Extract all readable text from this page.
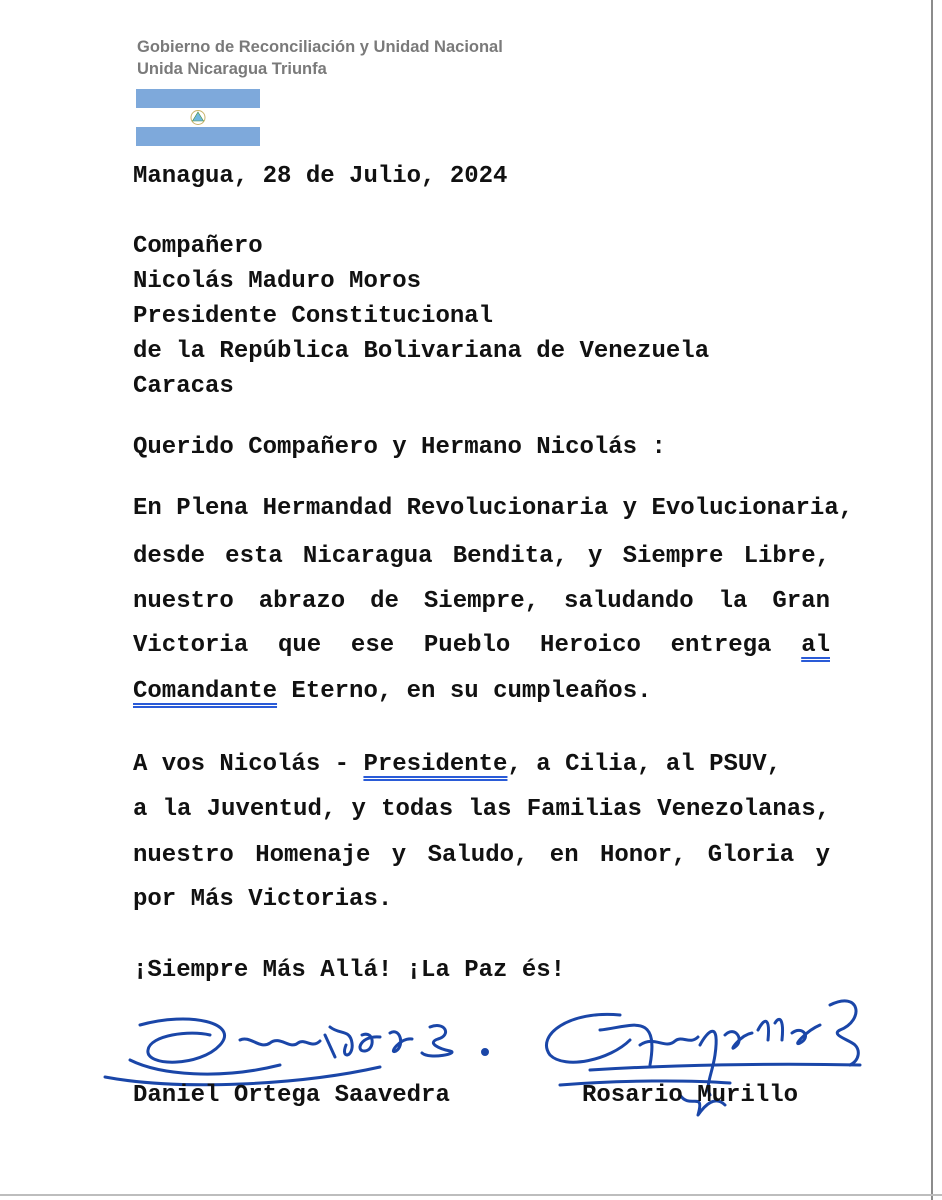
Gobierno de Reconciliación y Unidad Nacional
Unida Nicaragua Triunfa
Managua, 28 de Julio, 2024
Compañero
Nicolás Maduro Moros
Presidente Constitucional
de la República Bolivariana de Venezuela
Caracas
Querido Compañero y Hermano Nicolás :
En Plena Hermandad Revolucionaria y Evolucionaria,
desde esta Nicaragua Bendita, y Siempre Libre,
nuestro abrazo de Siempre, saludando la Gran
Victoria que ese Pueblo Heroico entrega al
Comandante Eterno, en su cumpleaños.
A vos Nicolás - Presidente, a Cilia, al PSUV,
a la Juventud, y todas las Familias Venezolanas,
nuestro Homenaje y Saludo, en Honor, Gloria y
por Más Victorias.
¡Siempre Más Allá! ¡La Paz és!
Daniel Ortega Saavedra	Rosario Murillo
